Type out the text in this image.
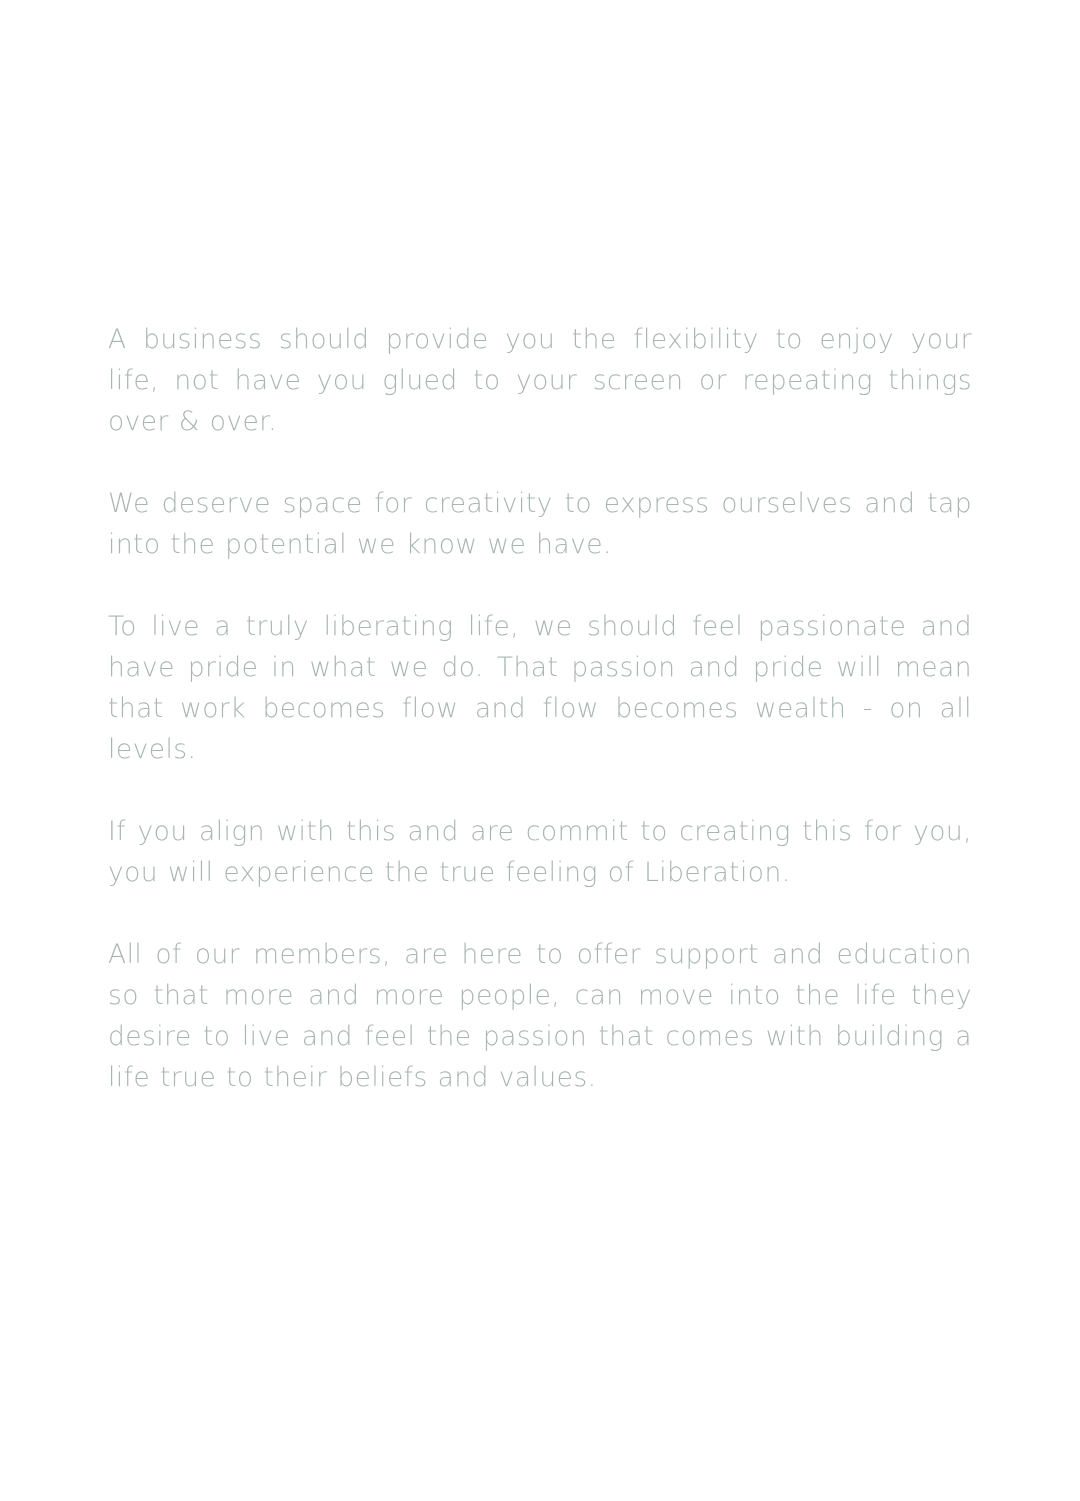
A business should provide you the flexibility to enjoy your life, not have you glued to your screen or repeating things over & over.

We deserve space for creativity to express ourselves and tap into the potential we know we have.

To live a truly liberating life, we should feel passionate and have pride in what we do. That passion and pride will mean that work becomes flow and flow becomes wealth - on all levels.

If you align with this and are commit to creating this for you, you will experience the true feeling of Liberation.

All of our members, are here to offer support and education so that more and more people, can move into the life they desire to live and feel the passion that comes with building a life true to their beliefs and values.
